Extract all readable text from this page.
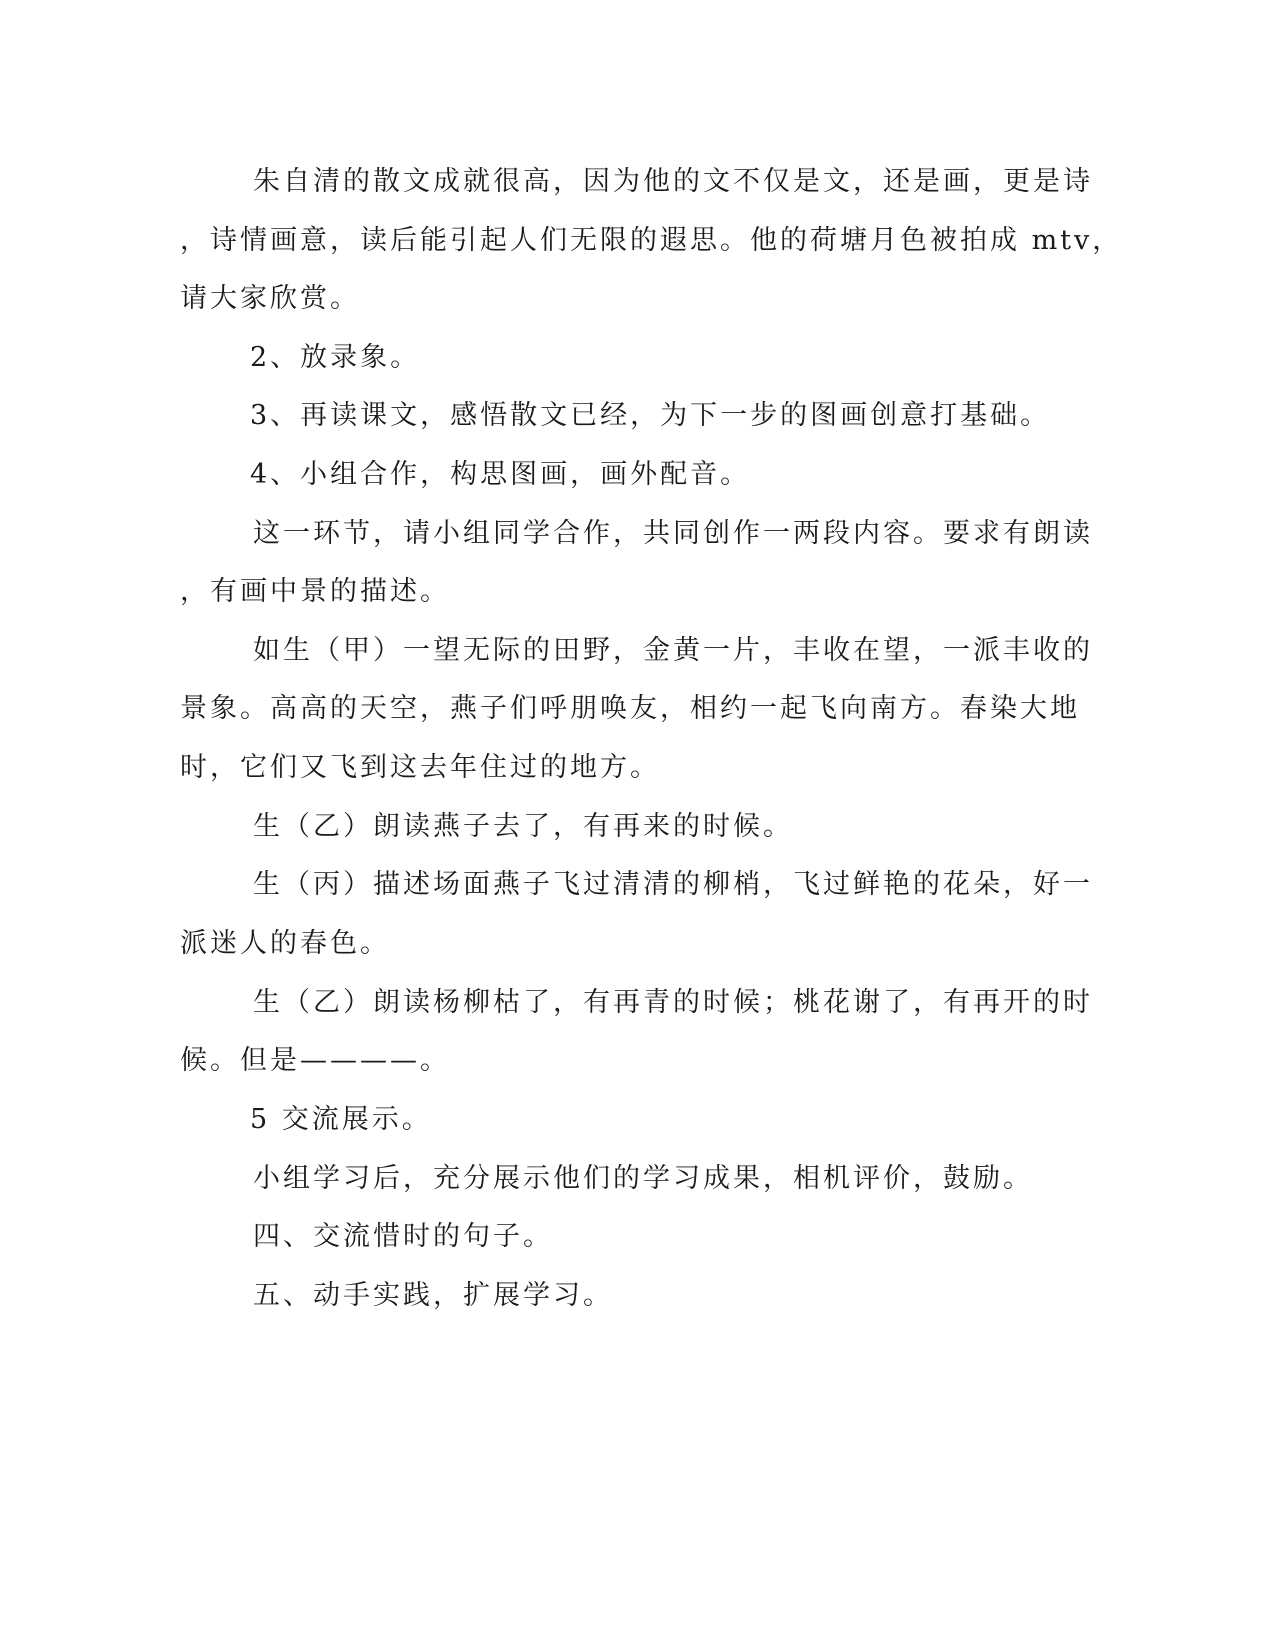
朱自清的散文成就很高，因为他的文不仅是文，还是画，更是诗
，诗情画意，读后能引起人们无限的遐思。他的荷塘月色被拍成 mtv，
请大家欣赏。
2、放录象。
3、再读课文，感悟散文已经，为下一步的图画创意打基础。
4、小组合作，构思图画，画外配音。
这一环节，请小组同学合作，共同创作一两段内容。要求有朗读
，有画中景的描述。
如生（甲）一望无际的田野，金黄一片，丰收在望，一派丰收的
景象。高高的天空，燕子们呼朋唤友，相约一起飞向南方。春染大地
时，它们又飞到这去年住过的地方。
生（乙）朗读燕子去了，有再来的时候。
生（丙）描述场面燕子飞过清清的柳梢，飞过鲜艳的花朵，好一
派迷人的春色。
生（乙）朗读杨柳枯了，有再青的时候；桃花谢了，有再开的时
候。但是————。
5 交流展示。
小组学习后，充分展示他们的学习成果，相机评价，鼓励。
四、交流惜时的句子。
五、动手实践，扩展学习。
